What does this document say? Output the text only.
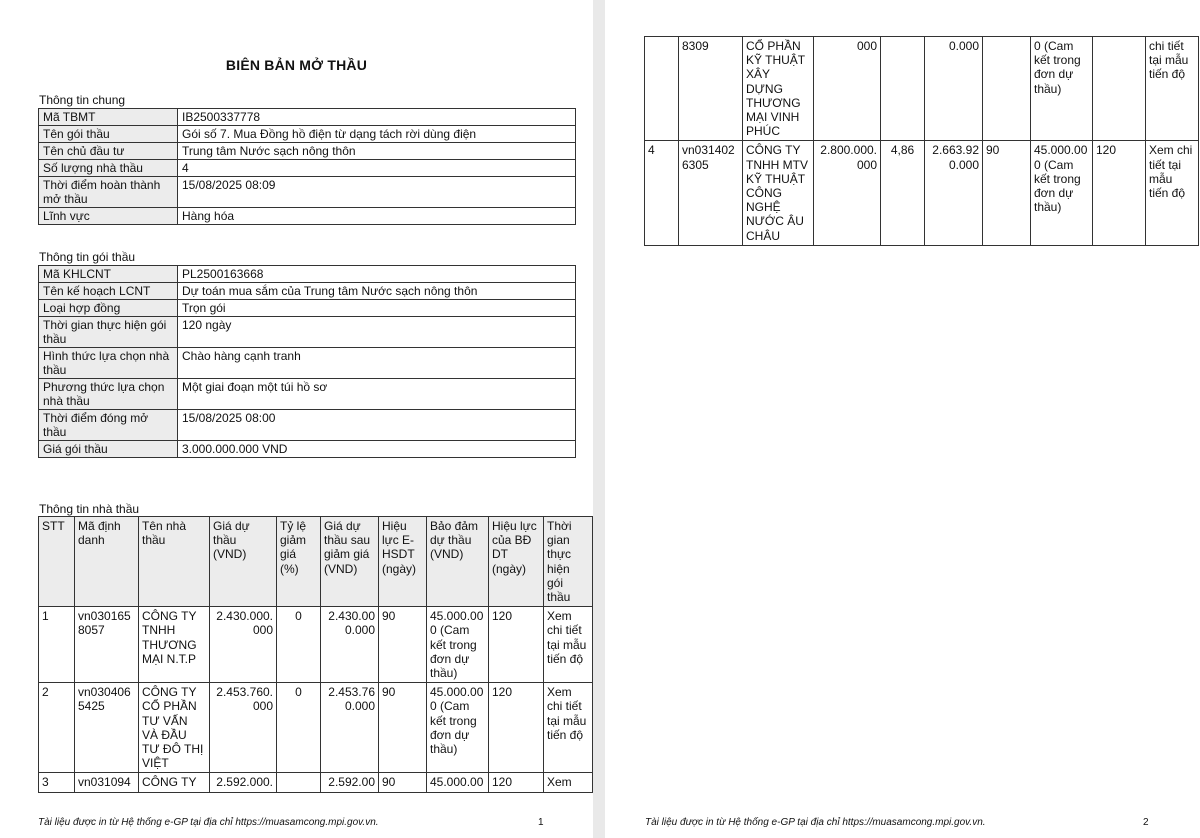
BIÊN BẢN MỞ THẦU
Thông tin chung
Mã TBMT	IB2500337778
Tên gói thầu	Gói số 7. Mua Đồng hồ điện từ dạng tách rời dùng điện
Tên chủ đầu tư	Trung tâm Nước sạch nông thôn
Số lượng nhà thầu	4
Thời điểm hoàn thành mở thầu	15/08/2025 08:09
Lĩnh vực	Hàng hóa
Thông tin gói thầu
Mã KHLCNT	PL2500163668
Tên kế hoạch LCNT	Dự toán mua sắm của Trung tâm Nước sạch nông thôn
Loại hợp đồng	Trọn gói
Thời gian thực hiện gói thầu	120 ngày
Hình thức lựa chọn nhà thầu	Chào hàng cạnh tranh
Phương thức lựa chọn nhà thầu	Một giai đoạn một túi hồ sơ
Thời điểm đóng mở thầu	15/08/2025 08:00
Giá gói thầu	3.000.000.000 VND
Thông tin nhà thầu
STT	Mã định danh	Tên nhà thầu	Giá dự thầu (VND)	Tỷ lệ giảm giá (%)	Giá dự thầu sau giảm giá (VND)	Hiệu lực E-HSDT (ngày)	Bảo đảm dự thầu (VND)	Hiệu lực của BĐ DT (ngày)	Thời gian thực hiện gói thầu
1	vn0301658057	CÔNG TY TNHH THƯƠNG MẠI N.T.P	2.430.000.000	0	2.430.000.000	90	45.000.000 (Cam kết trong đơn dự thầu)	120	Xem chi tiết tại mẫu tiến độ
2	vn0304065425	CÔNG TY CỔ PHẦN TƯ VẤN VÀ ĐẦU TƯ ĐÔ THỊ VIỆT	2.453.760.000	0	2.453.760.000	90	45.000.000 (Cam kết trong đơn dự thầu)	120	Xem chi tiết tại mẫu tiến độ
3	vn031094	CÔNG TY	2.592.000.		2.592.00	90	45.000.00	120	Xem
Tài liệu được in từ Hệ thống e-GP tại địa chỉ https://muasamcong.mpi.gov.vn.	1
	8309	CỔ PHẦN KỸ THUẬT XÂY DỰNG THƯƠNG MẠI VINH PHÚC	000		0.000		0 (Cam kết trong đơn dự thầu)		chi tiết tại mẫu tiến độ
4	vn0314026305	CÔNG TY TNHH MTV KỸ THUẬT CÔNG NGHỆ NƯỚC ÂU CHÂU	2.800.000.000	4,86	2.663.920.000	90	45.000.000 (Cam kết trong đơn dự thầu)	120	Xem chi tiết tại mẫu tiến độ
Tài liệu được in từ Hệ thống e-GP tại địa chỉ https://muasamcong.mpi.gov.vn.	2
